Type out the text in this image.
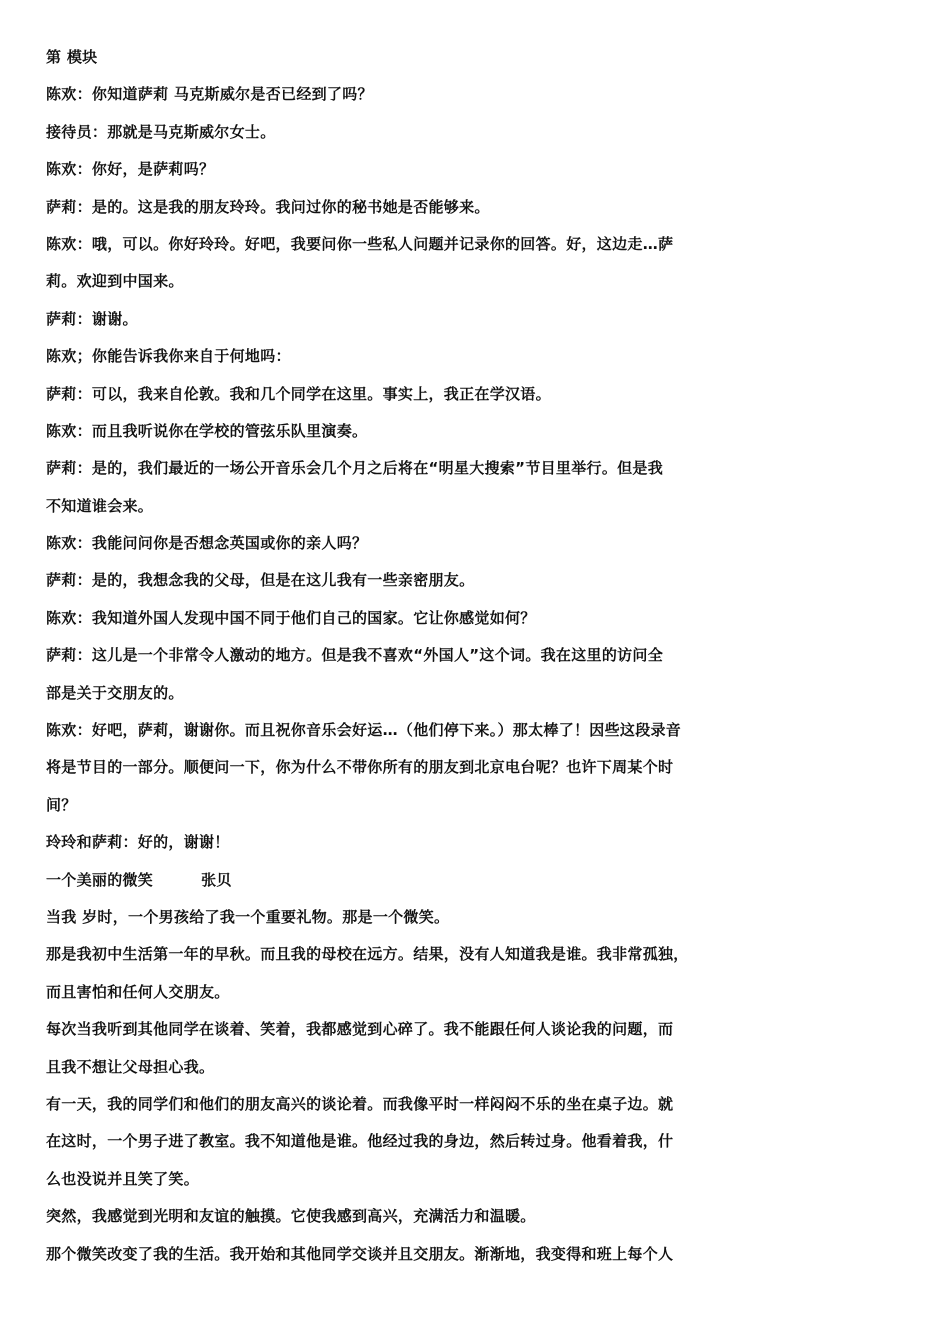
第 模块
陈欢：你知道萨莉 马克斯威尔是否已经到了吗？
接待员：那就是马克斯威尔女士。
陈欢：你好，是萨莉吗？
萨莉：是的。这是我的朋友玲玲。我问过你的秘书她是否能够来。
陈欢：哦，可以。你好玲玲。好吧，我要问你一些私人问题并记录你的回答。好，这边走…萨
莉。欢迎到中国来。
萨莉：谢谢。
陈欢；你能告诉我你来自于何地吗：
萨莉：可以，我来自伦敦。我和几个同学在这里。事实上，我正在学汉语。
陈欢：而且我听说你在学校的管弦乐队里演奏。
萨莉：是的，我们最近的一场公开音乐会几个月之后将在“明星大搜索”节目里举行。但是我
不知道谁会来。
陈欢：我能问问你是否想念英国或你的亲人吗？
萨莉：是的，我想念我的父母，但是在这儿我有一些亲密朋友。
陈欢：我知道外国人发现中国不同于他们自己的国家。它让你感觉如何？
萨莉：这儿是一个非常令人激动的地方。但是我不喜欢“外国人”这个词。我在这里的访问全
部是关于交朋友的。
陈欢：好吧，萨莉，谢谢你。而且祝你音乐会好运…（他们停下来。）那太棒了！因些这段录音
将是节目的一部分。顺便问一下，你为什么不带你所有的朋友到北京电台呢？也许下周某个时
间？
玲玲和萨莉：好的，谢谢！
一个美丽的微笑	张贝
当我 岁时，一个男孩给了我一个重要礼物。那是一个微笑。
那是我初中生活第一年的早秋。而且我的母校在远方。结果，没有人知道我是谁。我非常孤独，
而且害怕和任何人交朋友。
每次当我听到其他同学在谈着、笑着，我都感觉到心碎了。我不能跟任何人谈论我的问题，而
且我不想让父母担心我。
有一天，我的同学们和他们的朋友高兴的谈论着。而我像平时一样闷闷不乐的坐在桌子边。就
在这时，一个男子进了教室。我不知道他是谁。他经过我的身边，然后转过身。他看着我，什
么也没说并且笑了笑。
突然，我感觉到光明和友谊的触摸。它使我感到高兴，充满活力和温暖。
那个微笑改变了我的生活。我开始和其他同学交谈并且交朋友。渐渐地，我变得和班上每个人
